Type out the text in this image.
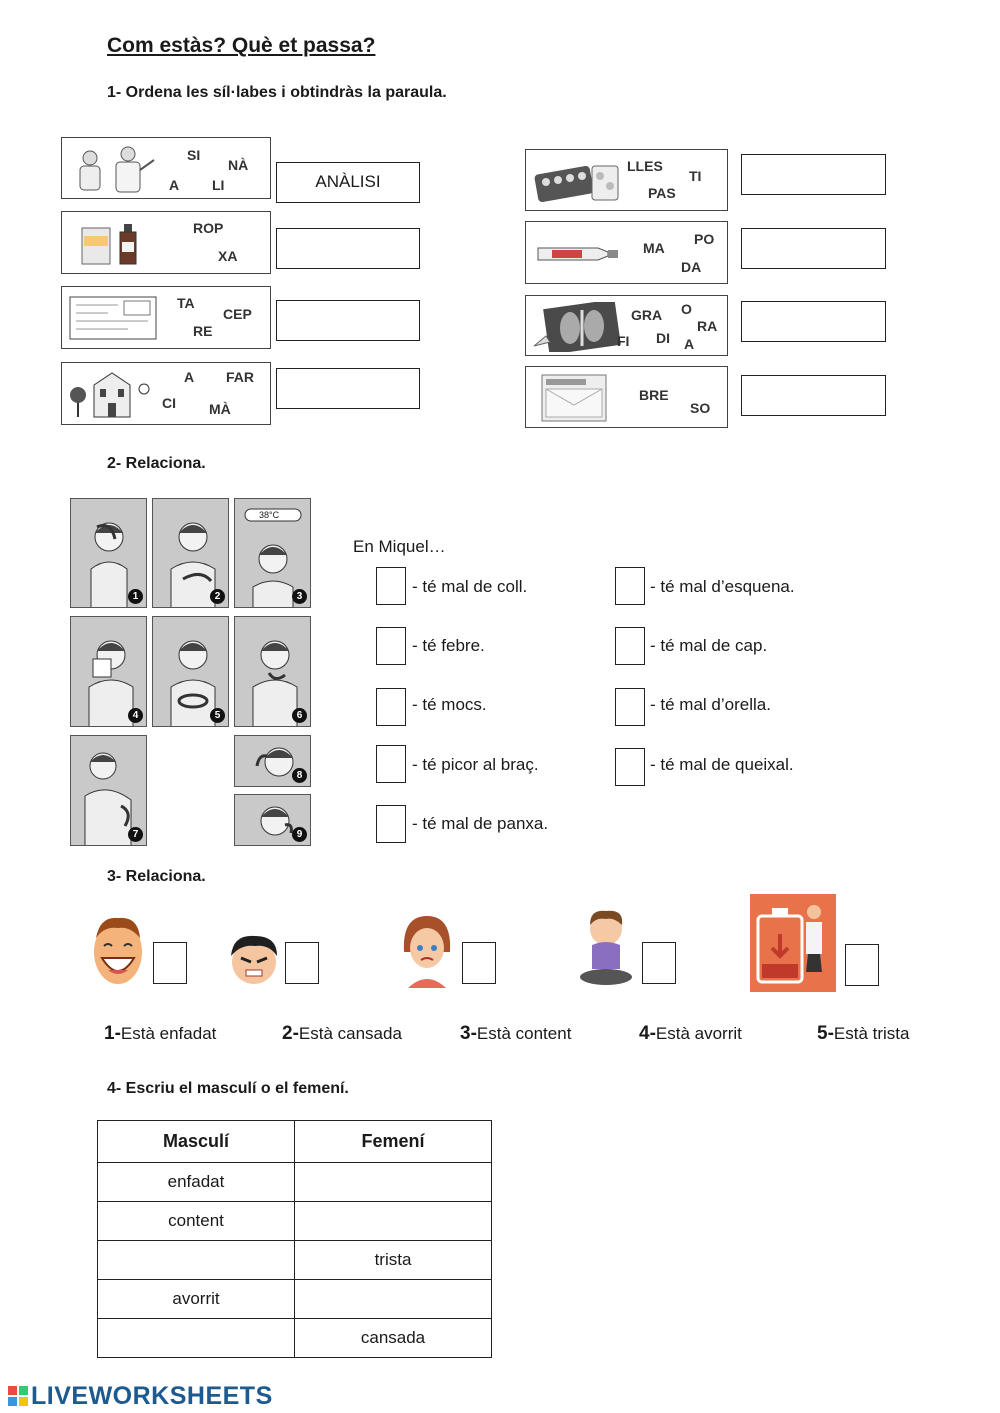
Com estàs? Què et passa?
1- Ordena les síl·labes i obtindràs la paraula.
SI
NÀ
A LI	ANÀLISI
ROP
XA
TA
CEP
RE
A FAR
CI MÀ
LLES
TI
PAS
MA
PO
DA
GRA O
RA
FI DI A
BRE
SO
2- Relaciona.
1	2
38°C
3
4	5	6
7
8
9
En Miquel…
- té mal de coll.
- té febre.
- té mocs.
- té picor al braç.
- té mal de panxa.
- té mal d’esquena.
- té mal de cap.
- té mal d’orella.
- té mal de queixal.
3- Relaciona.
1-Està enfadat	2-Està cansada	3-Està content	4-Està avorrit	5-Està trista
4- Escriu el masculí o el femení.
Masculí	Femení
enfadat	
content	
	trista
avorrit	
	cansada
LIVEWORKSHEETS
